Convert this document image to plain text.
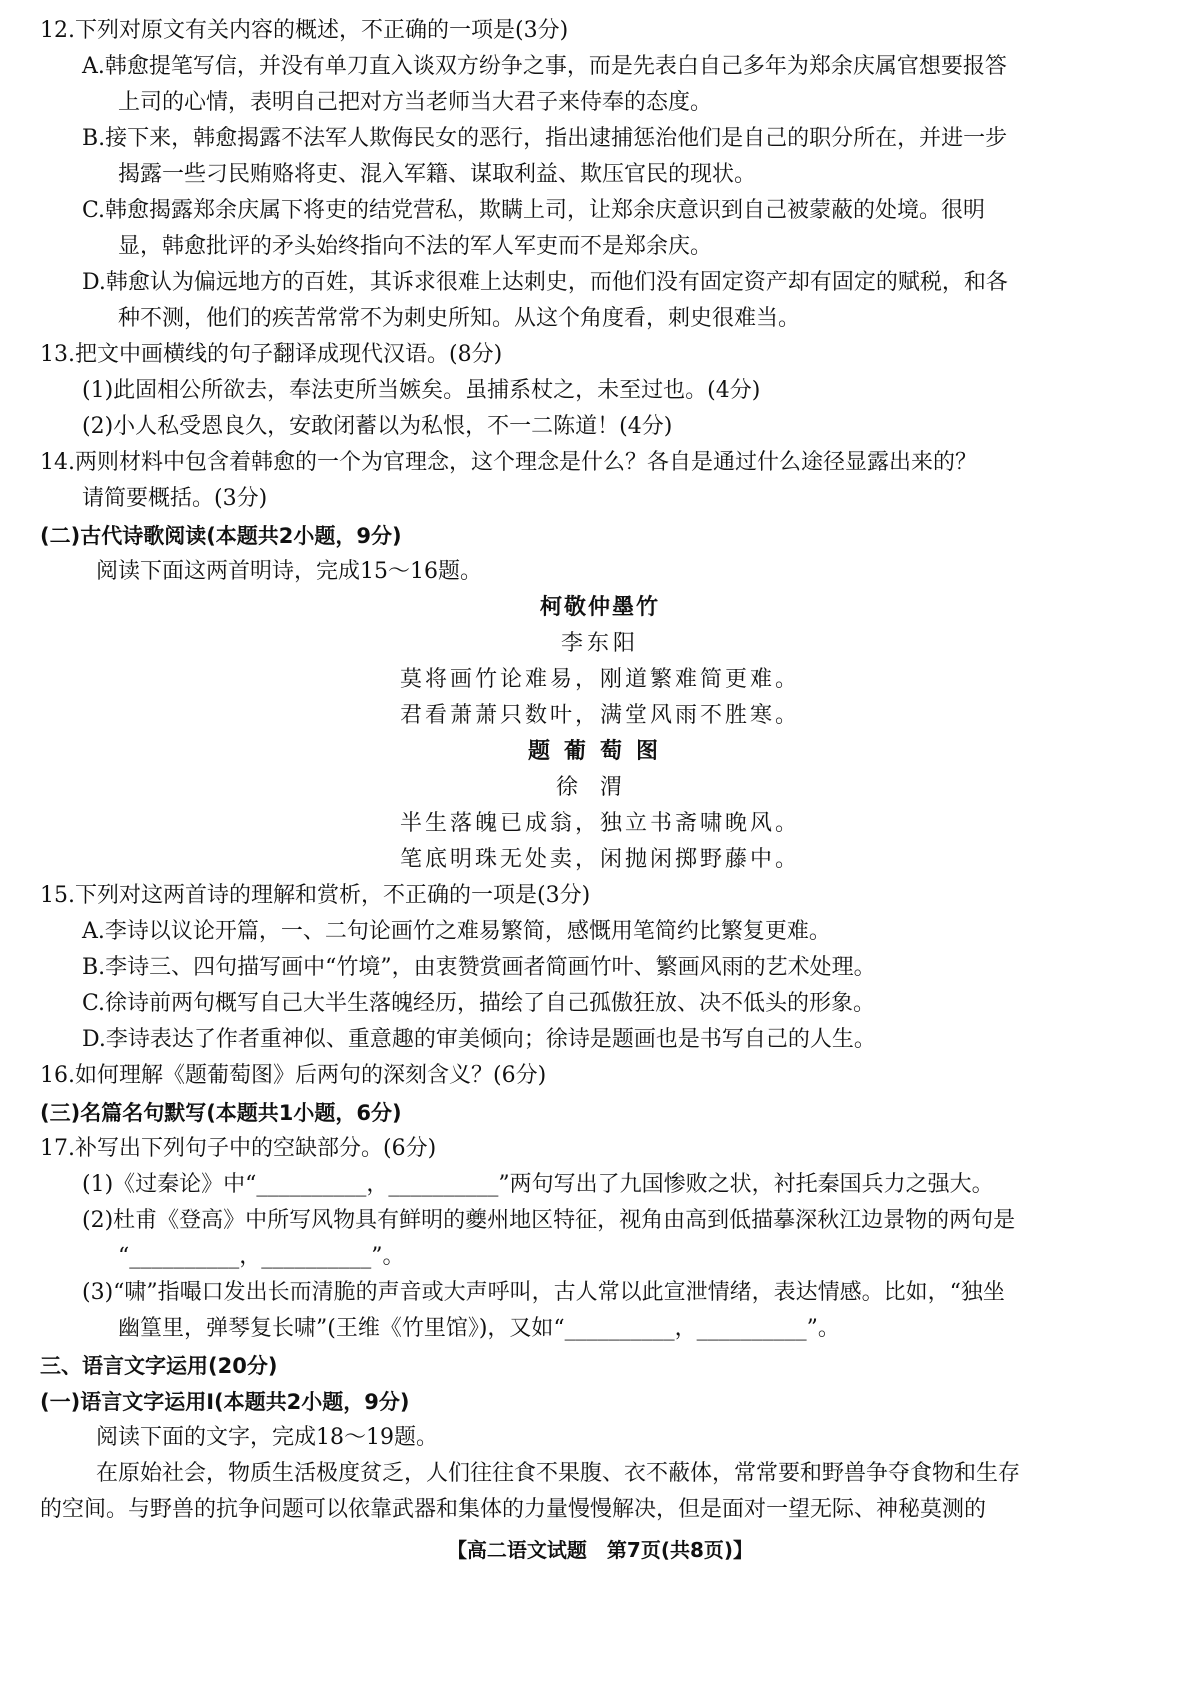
12.下列对原文有关内容的概述，不正确的一项是(3分)
A.韩愈提笔写信，并没有单刀直入谈双方纷争之事，而是先表白自己多年为郑余庆属官想要报答
上司的心情，表明自己把对方当老师当大君子来侍奉的态度。
B.接下来，韩愈揭露不法军人欺侮民女的恶行，指出逮捕惩治他们是自己的职分所在，并进一步
揭露一些刁民贿赂将吏、混入军籍、谋取利益、欺压官民的现状。
C.韩愈揭露郑余庆属下将吏的结党营私，欺瞒上司，让郑余庆意识到自己被蒙蔽的处境。很明
显，韩愈批评的矛头始终指向不法的军人军吏而不是郑余庆。
D.韩愈认为偏远地方的百姓，其诉求很难上达刺史，而他们没有固定资产却有固定的赋税，和各
种不测，他们的疾苦常常不为刺史所知。从这个角度看，刺史很难当。
13.把文中画横线的句子翻译成现代汉语。(8分)
(1)此固相公所欲去，奉法吏所当嫉矣。虽捕系杖之，未至过也。(4分)
(2)小人私受恩良久，安敢闭蓄以为私恨，不一二陈道！(4分)
14.两则材料中包含着韩愈的一个为官理念，这个理念是什么？各自是通过什么途径显露出来的？
请简要概括。(3分)
(二)古代诗歌阅读(本题共2小题，9分)
阅读下面这两首明诗，完成15～16题。
柯敬仲墨竹
李东阳
莫将画竹论难易，刚道繁难简更难。
君看萧萧只数叶，满堂风雨不胜寒。
题葡萄图
徐渭
半生落魄已成翁，独立书斋啸晚风。
笔底明珠无处卖，闲抛闲掷野藤中。
15.下列对这两首诗的理解和赏析，不正确的一项是(3分)
A.李诗以议论开篇，一、二句论画竹之难易繁简，感慨用笔简约比繁复更难。
B.李诗三、四句描写画中“竹境”，由衷赞赏画者简画竹叶、繁画风雨的艺术处理。
C.徐诗前两句概写自己大半生落魄经历，描绘了自己孤傲狂放、决不低头的形象。
D.李诗表达了作者重神似、重意趣的审美倾向；徐诗是题画也是书写自己的人生。
16.如何理解《题葡萄图》后两句的深刻含义？(6分)
(三)名篇名句默写(本题共1小题，6分)
17.补写出下列句子中的空缺部分。(6分)
(1)《过秦论》中“__________，__________”两句写出了九国惨败之状，衬托秦国兵力之强大。
(2)杜甫《登高》中所写风物具有鲜明的夔州地区特征，视角由高到低描摹深秋江边景物的两句是
“__________，__________”。
(3)“啸”指嘬口发出长而清脆的声音或大声呼叫，古人常以此宣泄情绪，表达情感。比如，“独坐
幽篁里，弹琴复长啸”(王维《竹里馆》)，又如“__________，__________”。
三、语言文字运用(20分)
(一)语言文字运用Ⅰ(本题共2小题，9分)
阅读下面的文字，完成18～19题。
在原始社会，物质生活极度贫乏，人们往往食不果腹、衣不蔽体，常常要和野兽争夺食物和生存
的空间。与野兽的抗争问题可以依靠武器和集体的力量慢慢解决，但是面对一望无际、神秘莫测的
【高二语文试题　第7页(共8页)】
